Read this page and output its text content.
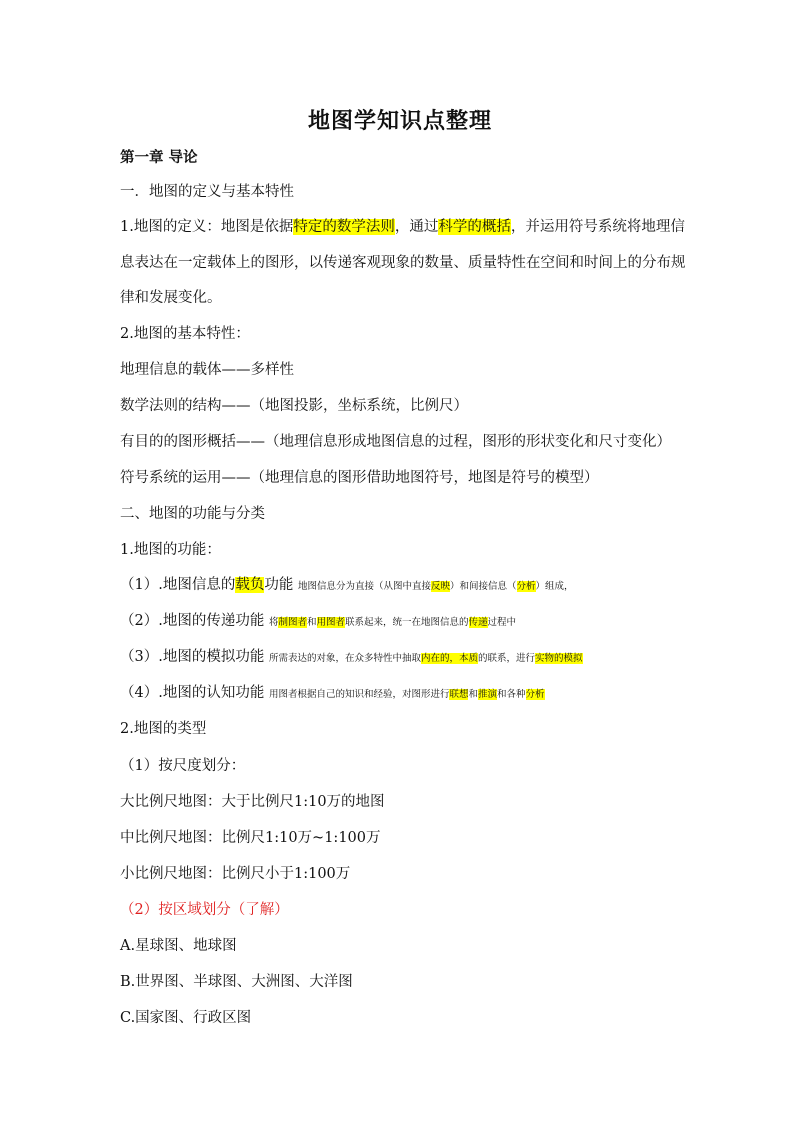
地图学知识点整理
第一章 导论
一．地图的定义与基本特性
1.地图的定义：地图是依据特定的数学法则，通过科学的概括，并运用符号系统将地理信
息表达在一定载体上的图形，以传递客观现象的数量、质量特性在空间和时间上的分布规
律和发展变化。
2.地图的基本特性：
地理信息的载体——多样性
数学法则的结构——（地图投影，坐标系统，比例尺）
有目的的图形概括——（地理信息形成地图信息的过程，图形的形状变化和尺寸变化）
符号系统的运用——（地理信息的图形借助地图符号，地图是符号的模型）
二、地图的功能与分类
1.地图的功能：
（1）.地图信息的载负功能 地图信息分为直接（从图中直接反映）和间接信息（分析）组成，
（2）.地图的传递功能 将制图者和用图者联系起来，统一在地图信息的传递过程中
（3）.地图的模拟功能 所需表达的对象，在众多特性中抽取内在的，本质的联系，进行实物的模拟
（4）.地图的认知功能 用图者根据自己的知识和经验，对图形进行联想和推演和各种分析
2.地图的类型
（1）按尺度划分：
大比例尺地图：大于比例尺1:10万的地图
中比例尺地图：比例尺1:10万~1:100万
小比例尺地图：比例尺小于1:100万
（2）按区域划分（了解）
A.星球图、地球图
B.世界图、半球图、大洲图、大洋图
C.国家图、行政区图
